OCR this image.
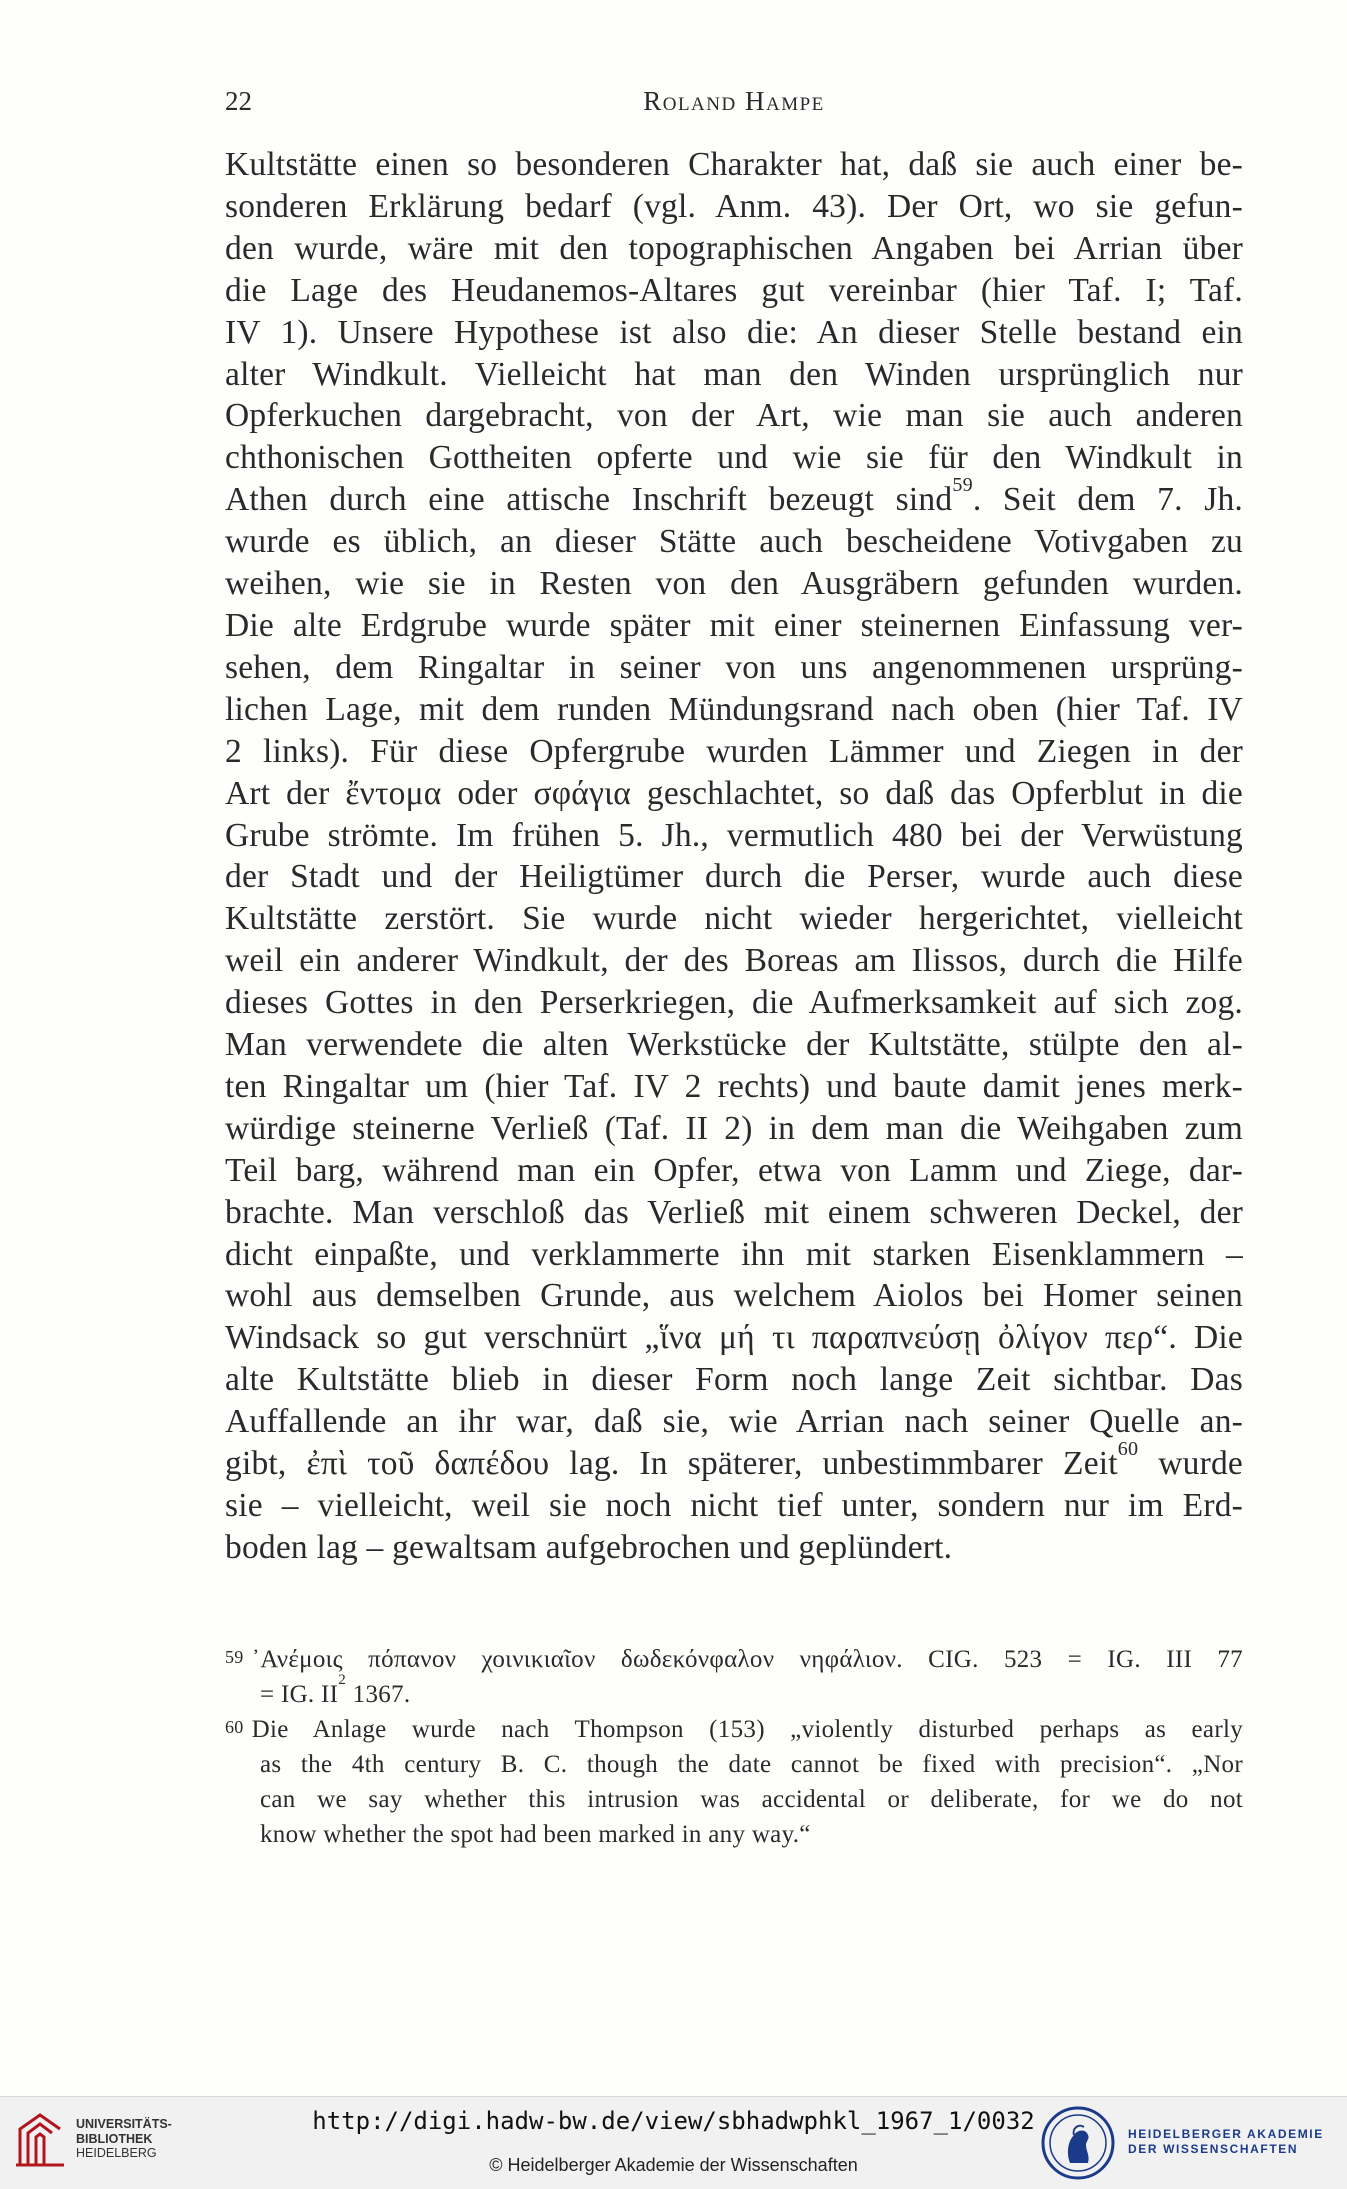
22	Roland Hampe
Kultstätte einen so besonderen Charakter hat, daß sie auch einer be-
sonderen Erklärung bedarf (vgl. Anm. 43). Der Ort, wo sie gefun-
den wurde, wäre mit den topographischen Angaben bei Arrian über
die Lage des Heudanemos-Altares gut vereinbar (hier Taf. I; Taf.
IV 1). Unsere Hypothese ist also die: An dieser Stelle bestand ein
alter Windkult. Vielleicht hat man den Winden ursprünglich nur
Opferkuchen dargebracht, von der Art, wie man sie auch anderen
chthonischen Gottheiten opferte und wie sie für den Windkult in
Athen durch eine attische Inschrift bezeugt sind$^{59}$. Seit dem 7. Jh.
wurde es üblich, an dieser Stätte auch bescheidene Votivgaben zu
weihen, wie sie in Resten von den Ausgräbern gefunden wurden.
Die alte Erdgrube wurde später mit einer steinernen Einfassung ver-
sehen, dem Ringaltar in seiner von uns angenommenen ursprüng-
lichen Lage, mit dem runden Mündungsrand nach oben (hier Taf. IV
2 links). Für diese Opfergrube wurden Lämmer und Ziegen in der
Art der ἔντομα oder σφάγια geschlachtet, so daß das Opferblut in die
Grube strömte. Im frühen 5. Jh., vermutlich 480 bei der Verwüstung
der Stadt und der Heiligtümer durch die Perser, wurde auch diese
Kultstätte zerstört. Sie wurde nicht wieder hergerichtet, vielleicht
weil ein anderer Windkult, der des Boreas am Ilissos, durch die Hilfe
dieses Gottes in den Perserkriegen, die Aufmerksamkeit auf sich zog.
Man verwendete die alten Werkstücke der Kultstätte, stülpte den al-
ten Ringaltar um (hier Taf. IV 2 rechts) und baute damit jenes merk-
würdige steinerne Verließ (Taf. II 2) in dem man die Weihgaben zum
Teil barg, während man ein Opfer, etwa von Lamm und Ziege, dar-
brachte. Man verschloß das Verließ mit einem schweren Deckel, der
dicht einpaßte, und verklammerte ihn mit starken Eisenklammern –
wohl aus demselben Grunde, aus welchem Aiolos bei Homer seinen
Windsack so gut verschnürt „ἵνα μή τι παραπνεύσῃ ὀλίγον περ“. Die
alte Kultstätte blieb in dieser Form noch lange Zeit sichtbar. Das
Auffallende an ihr war, daß sie, wie Arrian nach seiner Quelle an-
gibt, ἐπὶ τοῦ δαπέδου lag. In späterer, unbestimmbarer Zeit$^{60}$ wurde
sie – vielleicht, weil sie noch nicht tief unter, sondern nur im Erd-
boden lag – gewaltsam aufgebrochen und geplündert.
$^{59}$ ᾿Ανέμοις πόπανον χοινικιαῖον δωδεκόνφαλον νηφάλιον. CIG. 523 = IG. III 77
= IG. $II^2$ 1367.
$^{60}$ Die Anlage wurde nach Thompson (153) „violently disturbed perhaps as early
as the 4th century B. C. though the date cannot be fixed with precision“. „Nor
can we say whether this intrusion was accidental or deliberate, for we do not
know whether the spot had been marked in any way.“
UNIVERSITÄTS-
BIBLIOTHEK
HEIDELBERG
http://digi.hadw-bw.de/view/sbhadwphkl_1967_1/0032
© Heidelberger Akademie der Wissenschaften
HEIDELBERGER AKADEMIE
DER WISSENSCHAFTEN
